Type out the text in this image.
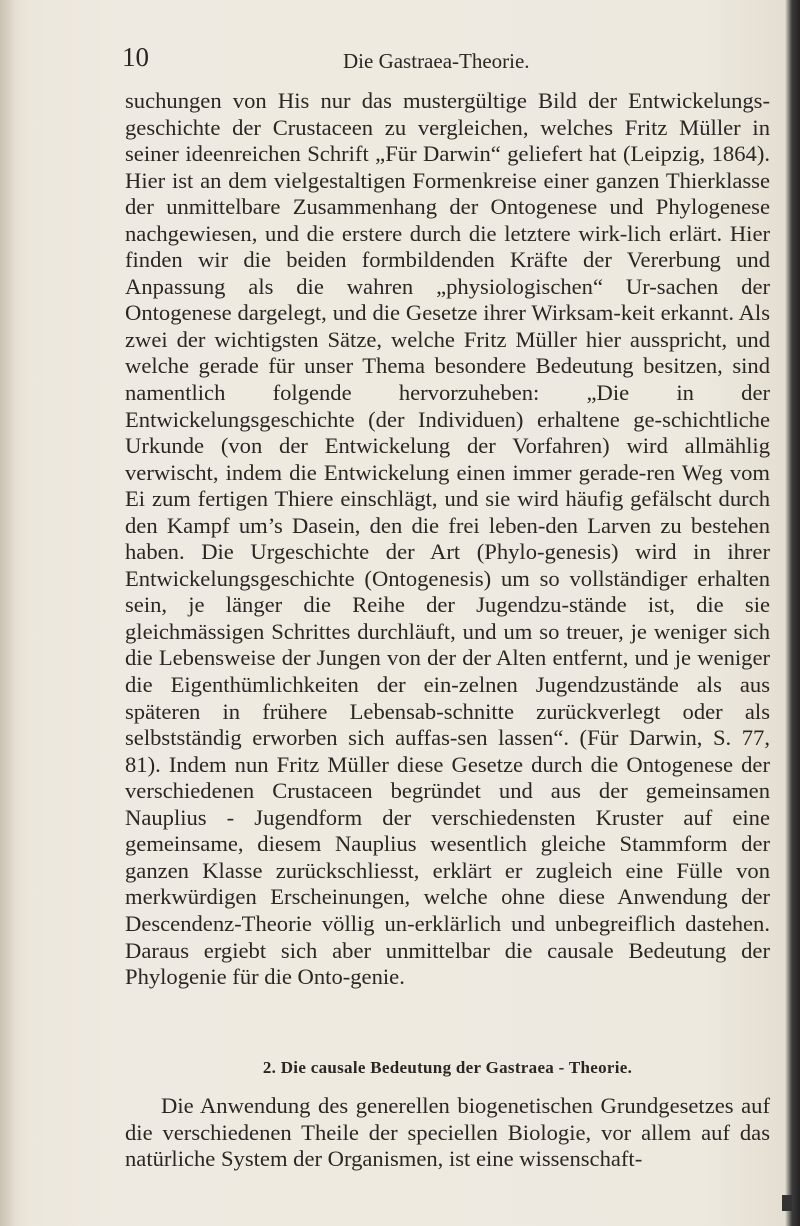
10	Die Gastraea-Theorie.

suchungen von His nur das mustergültige Bild der Entwickelungs-geschichte der Crustaceen zu vergleichen, welches Fritz Müller in seiner ideenreichen Schrift „Für Darwin“ geliefert hat (Leipzig, 1864). Hier ist an dem vielgestaltigen Formenkreise einer ganzen Thierklasse der unmittelbare Zusammenhang der Ontogenese und Phylogenese nachgewiesen, und die erstere durch die letztere wirk-lich erlärt. Hier finden wir die beiden formbildenden Kräfte der Vererbung und Anpassung als die wahren „physiologischen“ Ur-sachen der Ontogenese dargelegt, und die Gesetze ihrer Wirksam-keit erkannt. Als zwei der wichtigsten Sätze, welche Fritz Müller hier ausspricht, und welche gerade für unser Thema besondere Bedeutung besitzen, sind namentlich folgende hervorzuheben: „Die in der Entwickelungsgeschichte (der Individuen) erhaltene ge-schichtliche Urkunde (von der Entwickelung der Vorfahren) wird allmählig verwischt, indem die Entwickelung einen immer gerade-ren Weg vom Ei zum fertigen Thiere einschlägt, und sie wird häufig gefälscht durch den Kampf um’s Dasein, den die frei leben-den Larven zu bestehen haben. Die Urgeschichte der Art (Phylo-genesis) wird in ihrer Entwickelungsgeschichte (Ontogenesis) um so vollständiger erhalten sein, je länger die Reihe der Jugendzu-stände ist, die sie gleichmässigen Schrittes durchläuft, und um so treuer, je weniger sich die Lebensweise der Jungen von der der Alten entfernt, und je weniger die Eigenthümlichkeiten der ein-zelnen Jugendzustände als aus späteren in frühere Lebensab-schnitte zurückverlegt oder als selbstständig erworben sich auffas-sen lassen“. (Für Darwin, S. 77, 81). Indem nun Fritz Müller diese Gesetze durch die Ontogenese der verschiedenen Crustaceen begründet und aus der gemeinsamen Nauplius - Jugendform der verschiedensten Kruster auf eine gemeinsame, diesem Nauplius wesentlich gleiche Stammform der ganzen Klasse zurückschliesst, erklärt er zugleich eine Fülle von merkwürdigen Erscheinungen, welche ohne diese Anwendung der Descendenz-Theorie völlig un-erklärlich und unbegreiflich dastehen. Daraus ergiebt sich aber unmittelbar die causale Bedeutung der Phylogenie für die Onto-genie.

2. Die causale Bedeutung der Gastraea - Theorie.

Die Anwendung des generellen biogenetischen Grundgesetzes auf die verschiedenen Theile der speciellen Biologie, vor allem auf das natürliche System der Organismen, ist eine wissenschaft-
